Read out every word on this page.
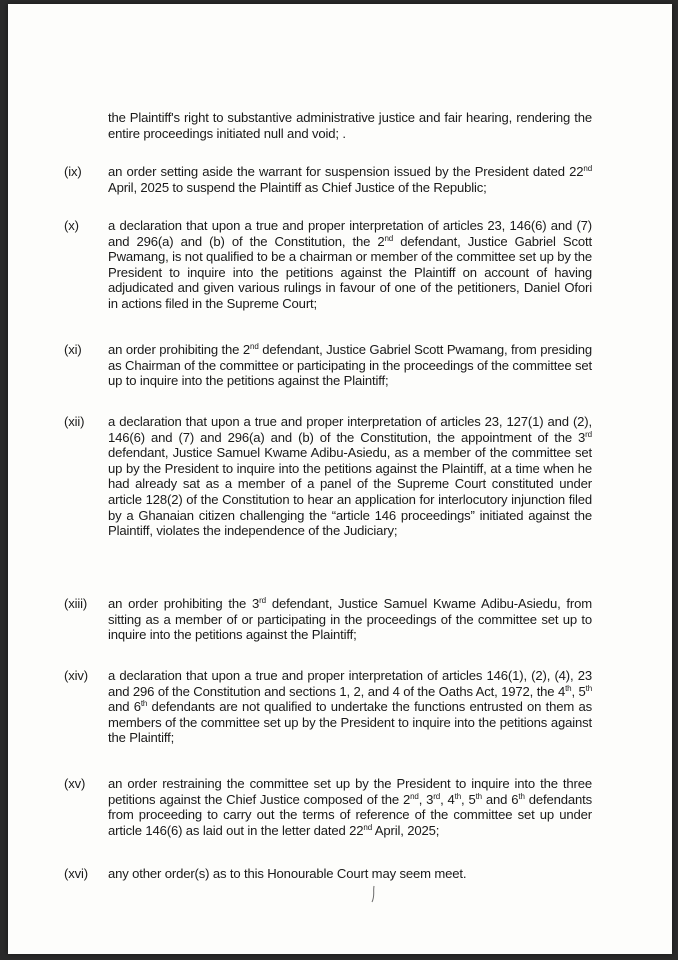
the Plaintiff's right to substantive administrative justice and fair hearing, rendering the entire proceedings initiated null and void; .
(ix) an order setting aside the warrant for suspension issued by the President dated 22nd April, 2025 to suspend the Plaintiff as Chief Justice of the Republic;
(x) a declaration that upon a true and proper interpretation of articles 23, 146(6) and (7) and 296(a) and (b) of the Constitution, the 2nd defendant, Justice Gabriel Scott Pwamang, is not qualified to be a chairman or member of the committee set up by the President to inquire into the petitions against the Plaintiff on account of having adjudicated and given various rulings in favour of one of the petitioners, Daniel Ofori in actions filed in the Supreme Court;
(xi) an order prohibiting the 2nd defendant, Justice Gabriel Scott Pwamang, from presiding as Chairman of the committee or participating in the proceedings of the committee set up to inquire into the petitions against the Plaintiff;
(xii) a declaration that upon a true and proper interpretation of articles 23, 127(1) and (2), 146(6) and (7) and 296(a) and (b) of the Constitution, the appointment of the 3rd defendant, Justice Samuel Kwame Adibu-Asiedu, as a member of the committee set up by the President to inquire into the petitions against the Plaintiff, at a time when he had already sat as a member of a panel of the Supreme Court constituted under article 128(2) of the Constitution to hear an application for interlocutory injunction filed by a Ghanaian citizen challenging the “article 146 proceedings” initiated against the Plaintiff, violates the independence of the Judiciary;
(xiii) an order prohibiting the 3rd defendant, Justice Samuel Kwame Adibu-Asiedu, from sitting as a member of or participating in the proceedings of the committee set up to inquire into the petitions against the Plaintiff;
(xiv) a declaration that upon a true and proper interpretation of articles 146(1), (2), (4), 23 and 296 of the Constitution and sections 1, 2, and 4 of the Oaths Act, 1972, the 4th, 5th and 6th defendants are not qualified to undertake the functions entrusted on them as members of the committee set up by the President to inquire into the petitions against the Plaintiff;
(xv) an order restraining the committee set up by the President to inquire into the three petitions against the Chief Justice composed of the 2nd, 3rd, 4th, 5th and 6th defendants from proceeding to carry out the terms of reference of the committee set up under article 146(6) as laid out in the letter dated 22nd April, 2025;
(xvi) any other order(s) as to this Honourable Court may seem meet.
